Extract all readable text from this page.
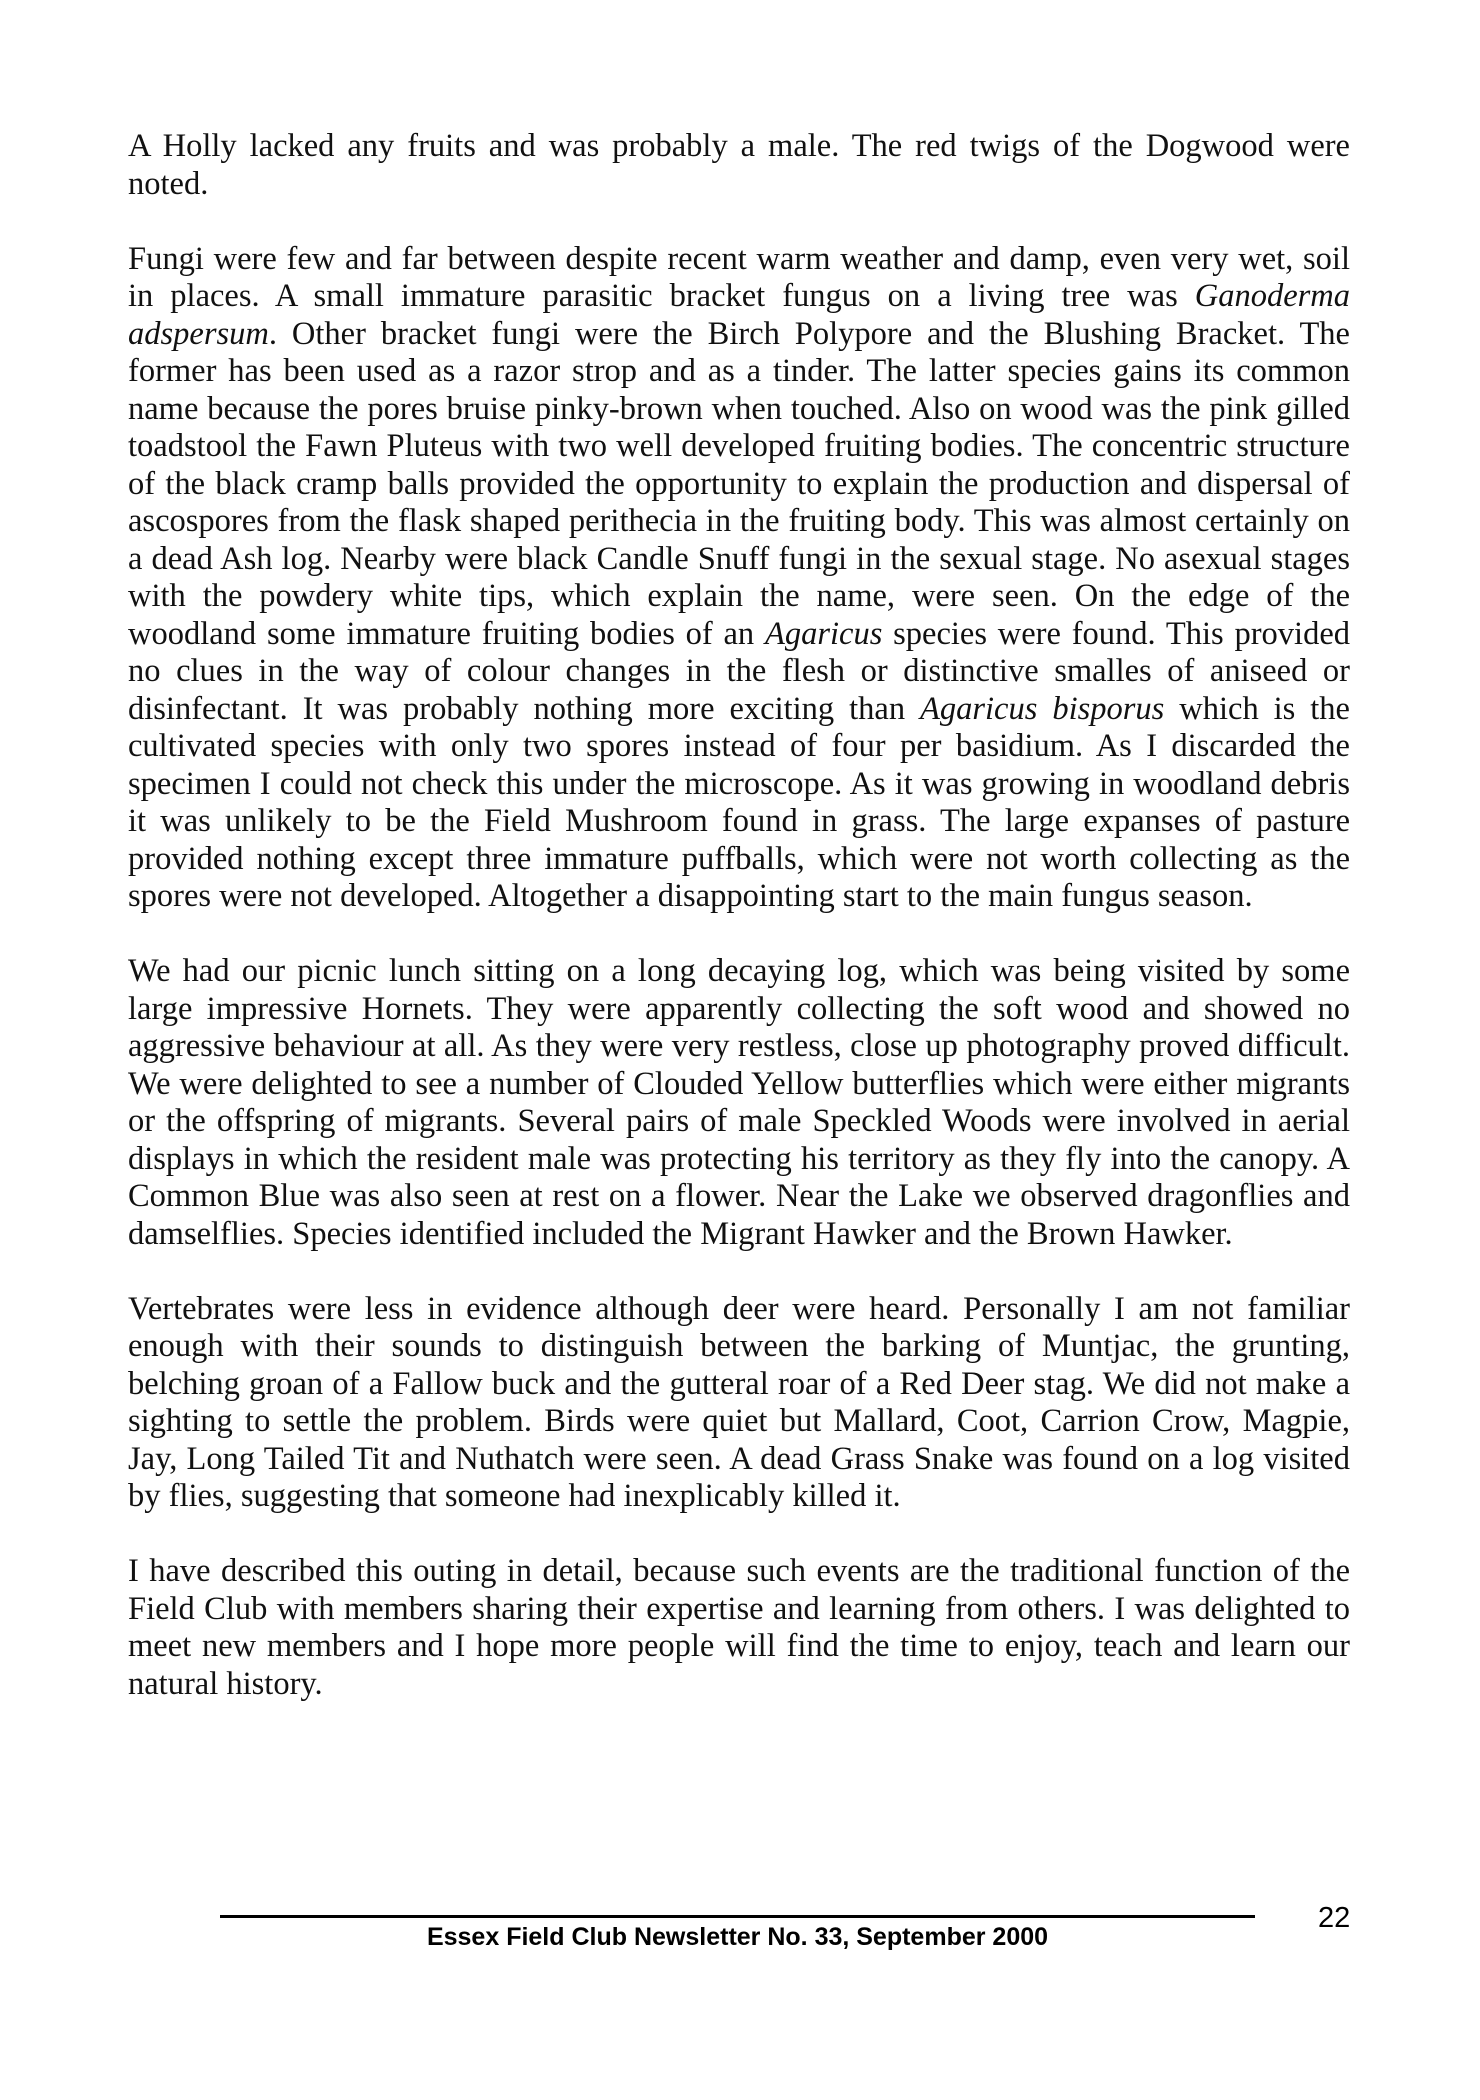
A Holly lacked any fruits and was probably a male. The red twigs of the Dogwood were noted.

Fungi were few and far between despite recent warm weather and damp, even very wet, soil in places. A small immature parasitic bracket fungus on a living tree was Ganoderma adspersum. Other bracket fungi were the Birch Polypore and the Blushing Bracket. The former has been used as a razor strop and as a tinder. The latter species gains its common name because the pores bruise pinky-brown when touched. Also on wood was the pink gilled toadstool the Fawn Pluteus with two well developed fruiting bodies. The concentric structure of the black cramp balls provided the opportunity to explain the production and dispersal of ascospores from the flask shaped perithecia in the fruiting body. This was almost certainly on a dead Ash log. Nearby were black Candle Snuff fungi in the sexual stage. No asexual stages with the powdery white tips, which explain the name, were seen. On the edge of the woodland some immature fruiting bodies of an Agaricus species were found. This provided no clues in the way of colour changes in the flesh or distinctive smalles of aniseed or disinfectant. It was probably nothing more exciting than Agaricus bisporus which is the cultivated species with only two spores instead of four per basidium. As I discarded the specimen I could not check this under the microscope. As it was growing in woodland debris it was unlikely to be the Field Mushroom found in grass. The large expanses of pasture provided nothing except three immature puffballs, which were not worth collecting as the spores were not developed. Altogether a disappointing start to the main fungus season.

We had our picnic lunch sitting on a long decaying log, which was being visited by some large impressive Hornets. They were apparently collecting the soft wood and showed no aggressive behaviour at all. As they were very restless, close up photography proved difficult. We were delighted to see a number of Clouded Yellow butterflies which were either migrants or the offspring of migrants. Several pairs of male Speckled Woods were involved in aerial displays in which the resident male was protecting his territory as they fly into the canopy. A Common Blue was also seen at rest on a flower. Near the Lake we observed dragonflies and damselflies. Species identified included the Migrant Hawker and the Brown Hawker.

Vertebrates were less in evidence although deer were heard. Personally I am not familiar enough with their sounds to distinguish between the barking of Muntjac, the grunting, belching groan of a Fallow buck and the gutteral roar of a Red Deer stag. We did not make a sighting to settle the problem. Birds were quiet but Mallard, Coot, Carrion Crow, Magpie, Jay, Long Tailed Tit and Nuthatch were seen. A dead Grass Snake was found on a log visited by flies, suggesting that someone had inexplicably killed it.

I have described this outing in detail, because such events are the traditional function of the Field Club with members sharing their expertise and learning from others. I was delighted to meet new members and I hope more people will find the time to enjoy, teach and learn our natural history.

Essex Field Club Newsletter No. 33, September 2000
22
